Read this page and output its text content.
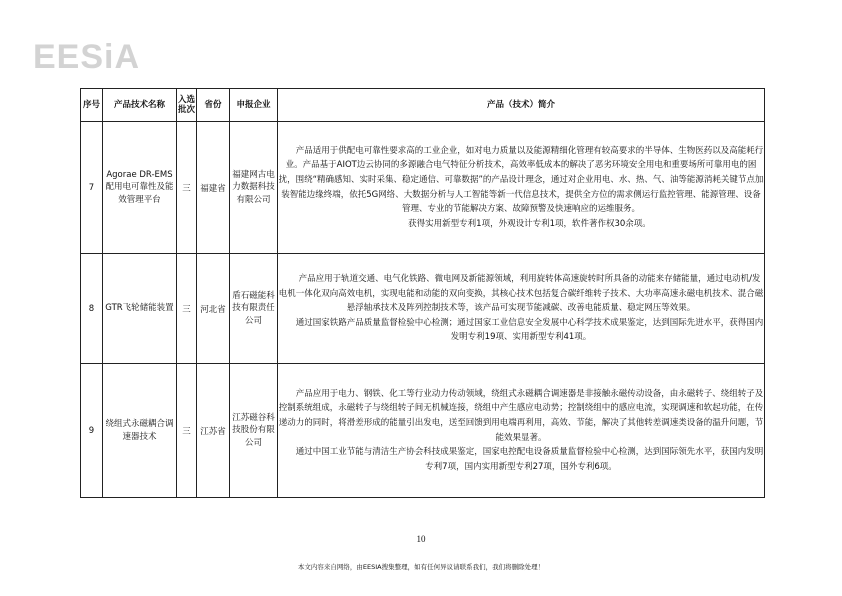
EESiA
序号	产品技术名称	入选批次	省份	申报企业	产品（技术）简介
7	Agorae DR-EMS 配用电可靠性及能效管理平台	三	福建省	福建网古电力数据科技有限公司	产品适用于供配电可靠性要求高的工业企业，如对电力质量以及能源精细化管理有较高要求的半导体、生物医药以及高能耗行业。产品基于AIOT边云协同的多源融合电气特征分析技术，高效率低成本的解决了恶劣环境安全用电和重要场所可靠用电的困扰，围绕“精确感知、实时采集、稳定通信、可靠数据”的产品设计理念，通过对企业用电、水、热、气、油等能源消耗关键节点加装智能边缘终端，依托5G网络、大数据分析与人工智能等新一代信息技术，提供全方位的需求侧运行监控管理、能源管理、设备管理、专业的节能解决方案、故障预警及快速响应的运维服务。

获得实用新型专利1项，外观设计专利1项，软件著作权30余项。

8	GTR飞轮储能装置	三	河北省	盾石磁能科技有限责任公司	产品应用于轨道交通、电气化铁路、微电网及新能源领域，利用旋转体高速旋转时所具备的动能来存储能量，通过电动机/发电机一体化双向高效电机，实现电能和动能的双向变换，其核心技术包括复合碳纤维转子技术、大功率高速永磁电机技术、混合磁悬浮轴承技术及阵列控制技术等，该产品可实现节能减碳、改善电能质量、稳定网压等效果。

通过国家铁路产品质量监督检验中心检测；通过国家工业信息安全发展中心科学技术成果鉴定，达到国际先进水平，获得国内发明专利19项、实用新型专利41项。

9	绕组式永磁耦合调速器技术	三	江苏省	江苏磁谷科技股份有限公司	产品应用于电力、钢铁、化工等行业动力传动领域，绕组式永磁耦合调速器是非接触永磁传动设备，由永磁转子、绕组转子及控制系统组成，永磁转子与绕组转子间无机械连接，绕组中产生感应电动势；控制绕组中的感应电流，实现调速和软起功能，在传递动力的同时，将滑差形成的能量引出发电，送至回馈到用电端再利用，高效、节能，解决了其他转差调速类设备的温升问题，节能效果显著。

通过中国工业节能与清洁生产协会科技成果鉴定，国家电控配电设备质量监督检验中心检测，达到国际领先水平，获国内发明专利7项，国内实用新型专利27项，国外专利6项。

10
本文内容来自网络，由EESIA搜集整理，如有任何异议请联系我们，我们将删除处理！
